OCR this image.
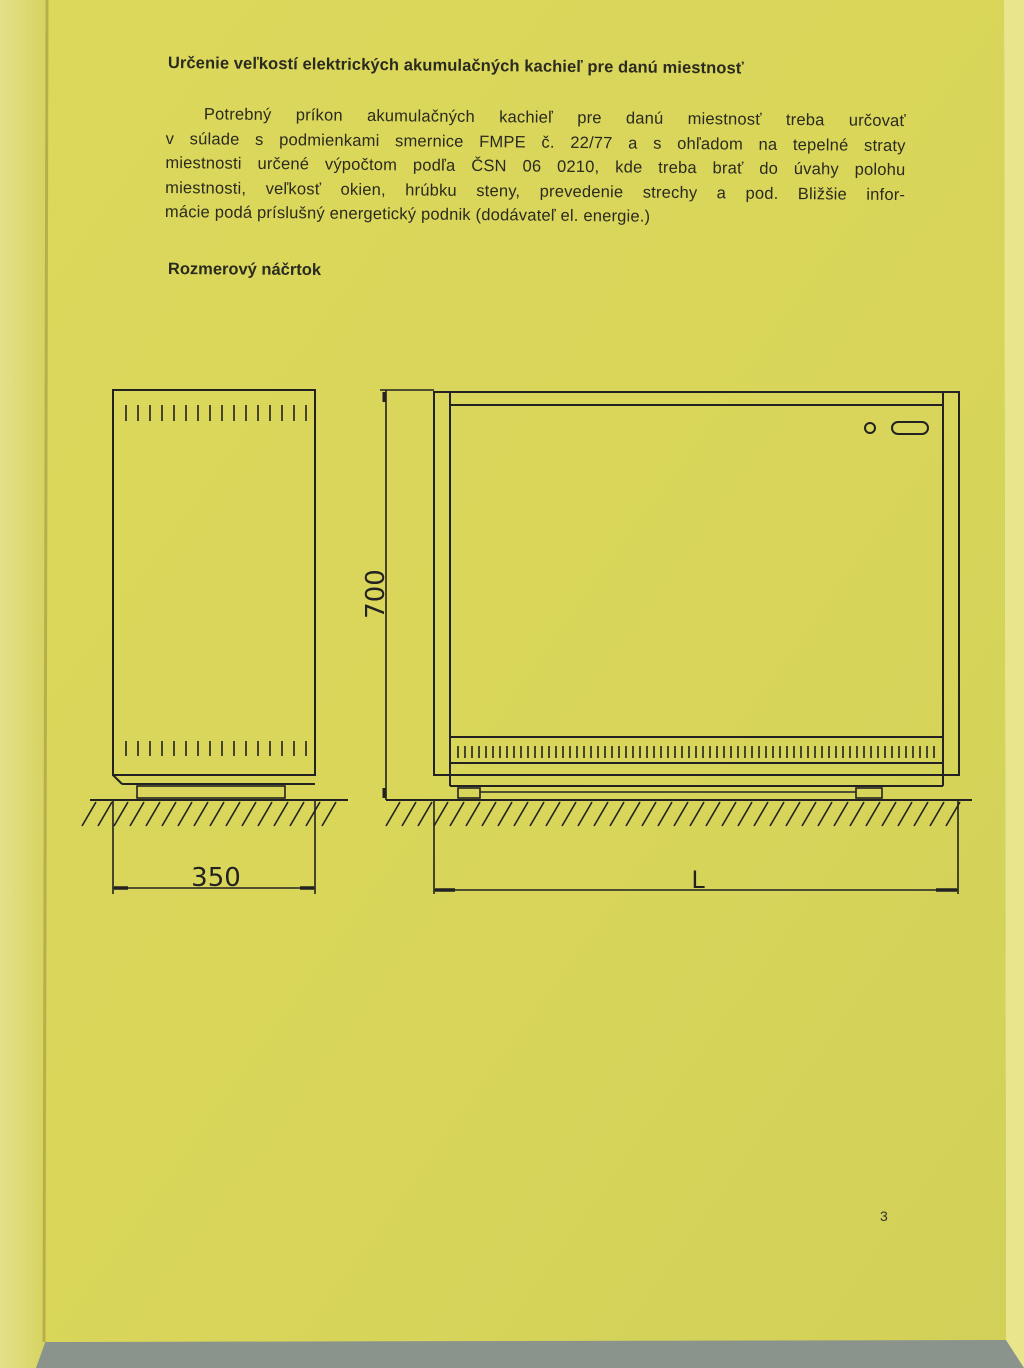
Určenie veľkostí elektrických akumulačných kachieľ pre danú miestnosť
Potrebný príkon akumulačných kachieľ pre danú miestnosť treba určovať
v súlade s podmienkami smernice FMPE č. 22/77 a s ohľadom na tepelné straty
miestnosti určené výpočtom podľa ČSN 06 0210, kde treba brať do úvahy polohu
miestnosti, veľkosť okien, hrúbku steny, prevedenie strechy a pod. Bližšie infor-
mácie podá príslušný energetický podnik (dodávateľ el. energie.)
Rozmerový náčrtok
350	L
700
3
